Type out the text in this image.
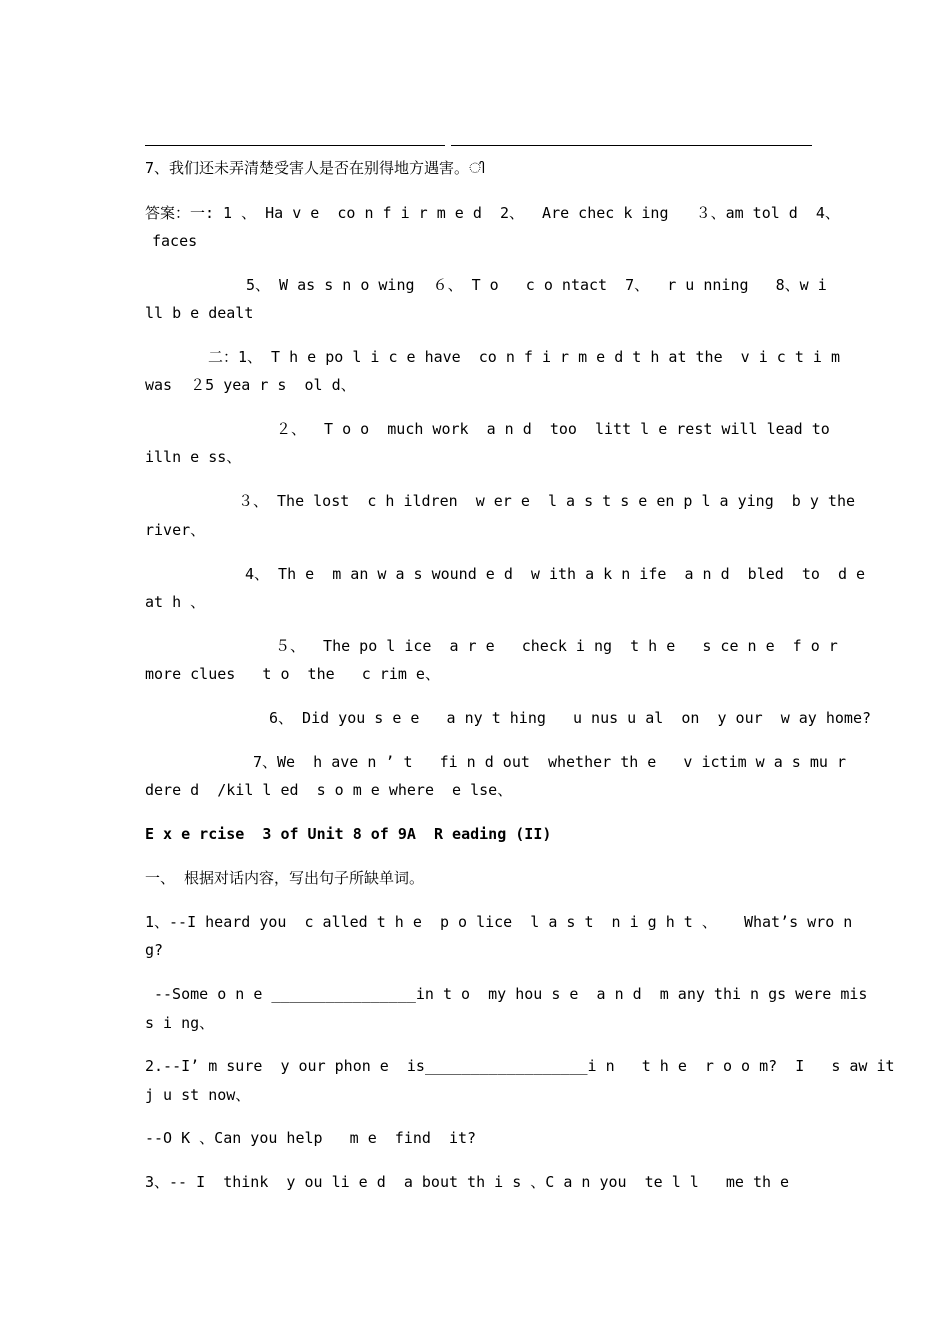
7、我们还未弄清楚受害人是否在别得地方遇害。ി
答案：一: 1 、 Ha v e  co n f i r m e d  2、  Are chec k ing   ３、am tol d  4、
faces
5、 W as s n o wing  ６、 T o   c o ntact  7、  r u nning   8、w i
ll b e dealt
二：1、 T h e po l i c e have  co n f i r m e d t h at the  v i c t i m
was  ２5 yea r s  ol d、
２、  T o o  much work  a n d  too  litt l e rest will lead to
illn e ss、
３、 The lost  c h ildren  w er e  l a s t s e en p l a ying  b y the
river、
4、 Th e  m an w a s wound e d  w ith a k n ife  a n d  bled  to  d e
at h 、
５、  The po l ice  a r e   check i ng  t h e   s ce n e  f o r
more clues   t o  the   c rim e、
6、 Did you s e e   a ny t hing   u nus u al  on  y our  w ay home?
7、We  h ave n ’ t   fi n d out  whether th e   v ictim w a s mu r
dere d  /kil l ed  s o m e where  e lse、
E x e rcise  3 of Unit 8 of 9A  R eading (II)
一、 根据对话内容，写出句子所缺单词。
1、--I heard you  c alled t h e  p o lice  l a s t  n i g h t 、   What’s wro n
g?
--Some o n e ________________in t o  my hou s e  a n d  m any thi n gs were mis
s i ng、
2.--I’ m sure  y our phon e  is__________________i n   t h e  r o o m?  I   s aw it
j u st now、
--O K 、Can you help   m e  find  it?
3、-- I  think  y ou li e d  a bout th i s 、C a n you  te l l   me th e
